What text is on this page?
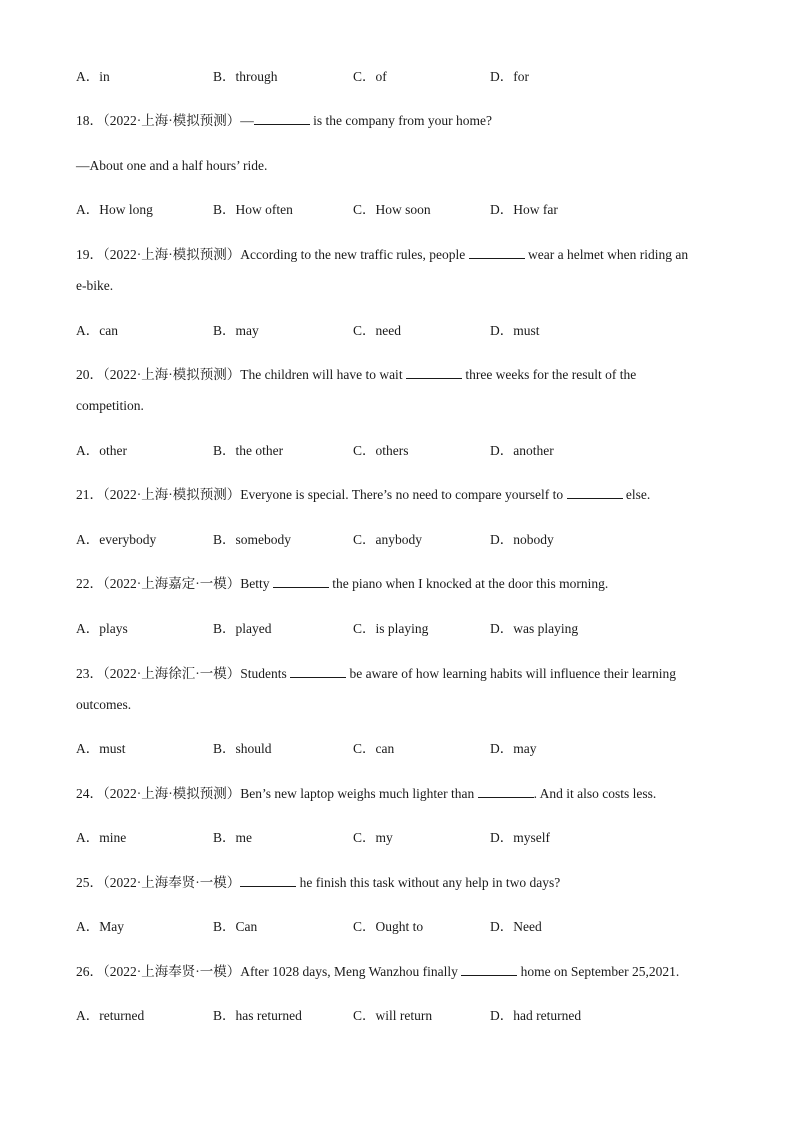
A．in	B．through	C．of	D．for
18．（2022·上海·模拟预测）—	is the company from your home?
—About one and a half hours’ ride.
A．How long	B．How often	C．How soon	D．How far
19．（2022·上海·模拟预测）According to the new traffic rules, people	wear a helmet when riding an
e-bike.
A．can	B．may	C．need	D．must
20．（2022·上海·模拟预测）The children will have to wait	three weeks for the result of the
competition.
A．other	B．the other	C．others	D．another
21．（2022·上海·模拟预测）Everyone is special. There’s no need to compare yourself to	else.
A．everybody	B．somebody	C．anybody	D．nobody
22．（2022·上海嘉定·一模）Betty	the piano when I knocked at the door this morning.
A．plays	B．played	C．is playing	D．was playing
23．（2022·上海徐汇·一模）Students	be aware of how learning habits will influence their learning
outcomes.
A．must	B．should	C．can	D．may
24．（2022·上海·模拟预测）Ben’s new laptop weighs much lighter than	. And it also costs less.
A．mine	B．me	C．my	D．myself
25．（2022·上海奉贤·一模）	he finish this task without any help in two days?
A．May	B．Can	C．Ought to	D．Need
26．（2022·上海奉贤·一模）After 1028 days, Meng Wanzhou finally	home on September 25,2021.
A．returned	B．has returned	C．will return	D．had returned
